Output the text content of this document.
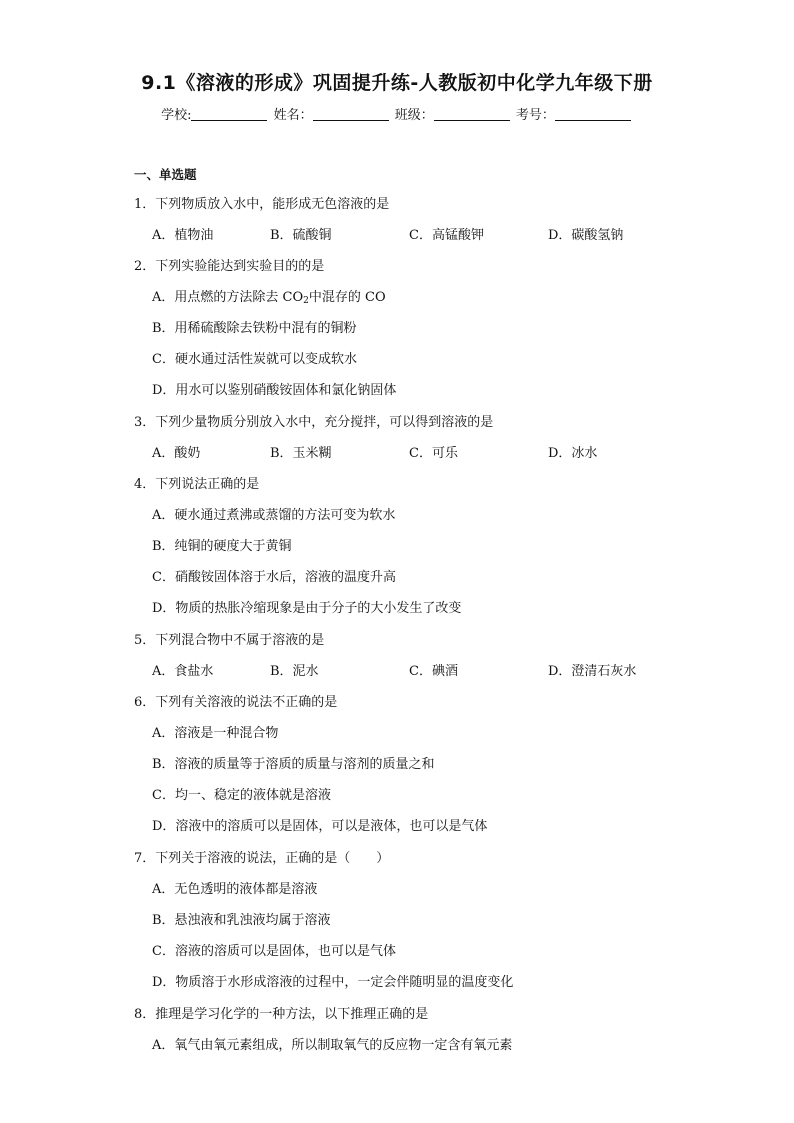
9.1《溶液的形成》巩固提升练-人教版初中化学九年级下册
学校:	姓名：	班级：	考号：
一、单选题
1．下列物质放入水中，能形成无色溶液的是
A．植物油	B．硫酸铜	C．高锰酸钾	D．碳酸氢钠
2．下列实验能达到实验目的的是
A．用点燃的方法除去 $CO_2$中混存的 CO
B．用稀硫酸除去铁粉中混有的铜粉
C．硬水通过活性炭就可以变成软水
D．用水可以鉴别硝酸铵固体和氯化钠固体
3．下列少量物质分别放入水中，充分搅拌，可以得到溶液的是
A．酸奶	B．玉米糊	C．可乐	D．冰水
4．下列说法正确的是
A．硬水通过煮沸或蒸馏的方法可变为软水
B．纯铜的硬度大于黄铜
C．硝酸铵固体溶于水后，溶液的温度升高
D．物质的热胀冷缩现象是由于分子的大小发生了改变
5．下列混合物中不属于溶液的是
A．食盐水	B．泥水	C．碘酒	D．澄清石灰水
6．下列有关溶液的说法不正确的是
A．溶液是一种混合物
B．溶液的质量等于溶质的质量与溶剂的质量之和
C．均一、稳定的液体就是溶液
D．溶液中的溶质可以是固体，可以是液体，也可以是气体
7．下列关于溶液的说法，正确的是（　　）
A．无色透明的液体都是溶液
B．悬浊液和乳浊液均属于溶液
C．溶液的溶质可以是固体，也可以是气体
D．物质溶于水形成溶液的过程中，一定会伴随明显的温度变化
8．推理是学习化学的一种方法，以下推理正确的是
A．氧气由氧元素组成，所以制取氧气的反应物一定含有氧元素
